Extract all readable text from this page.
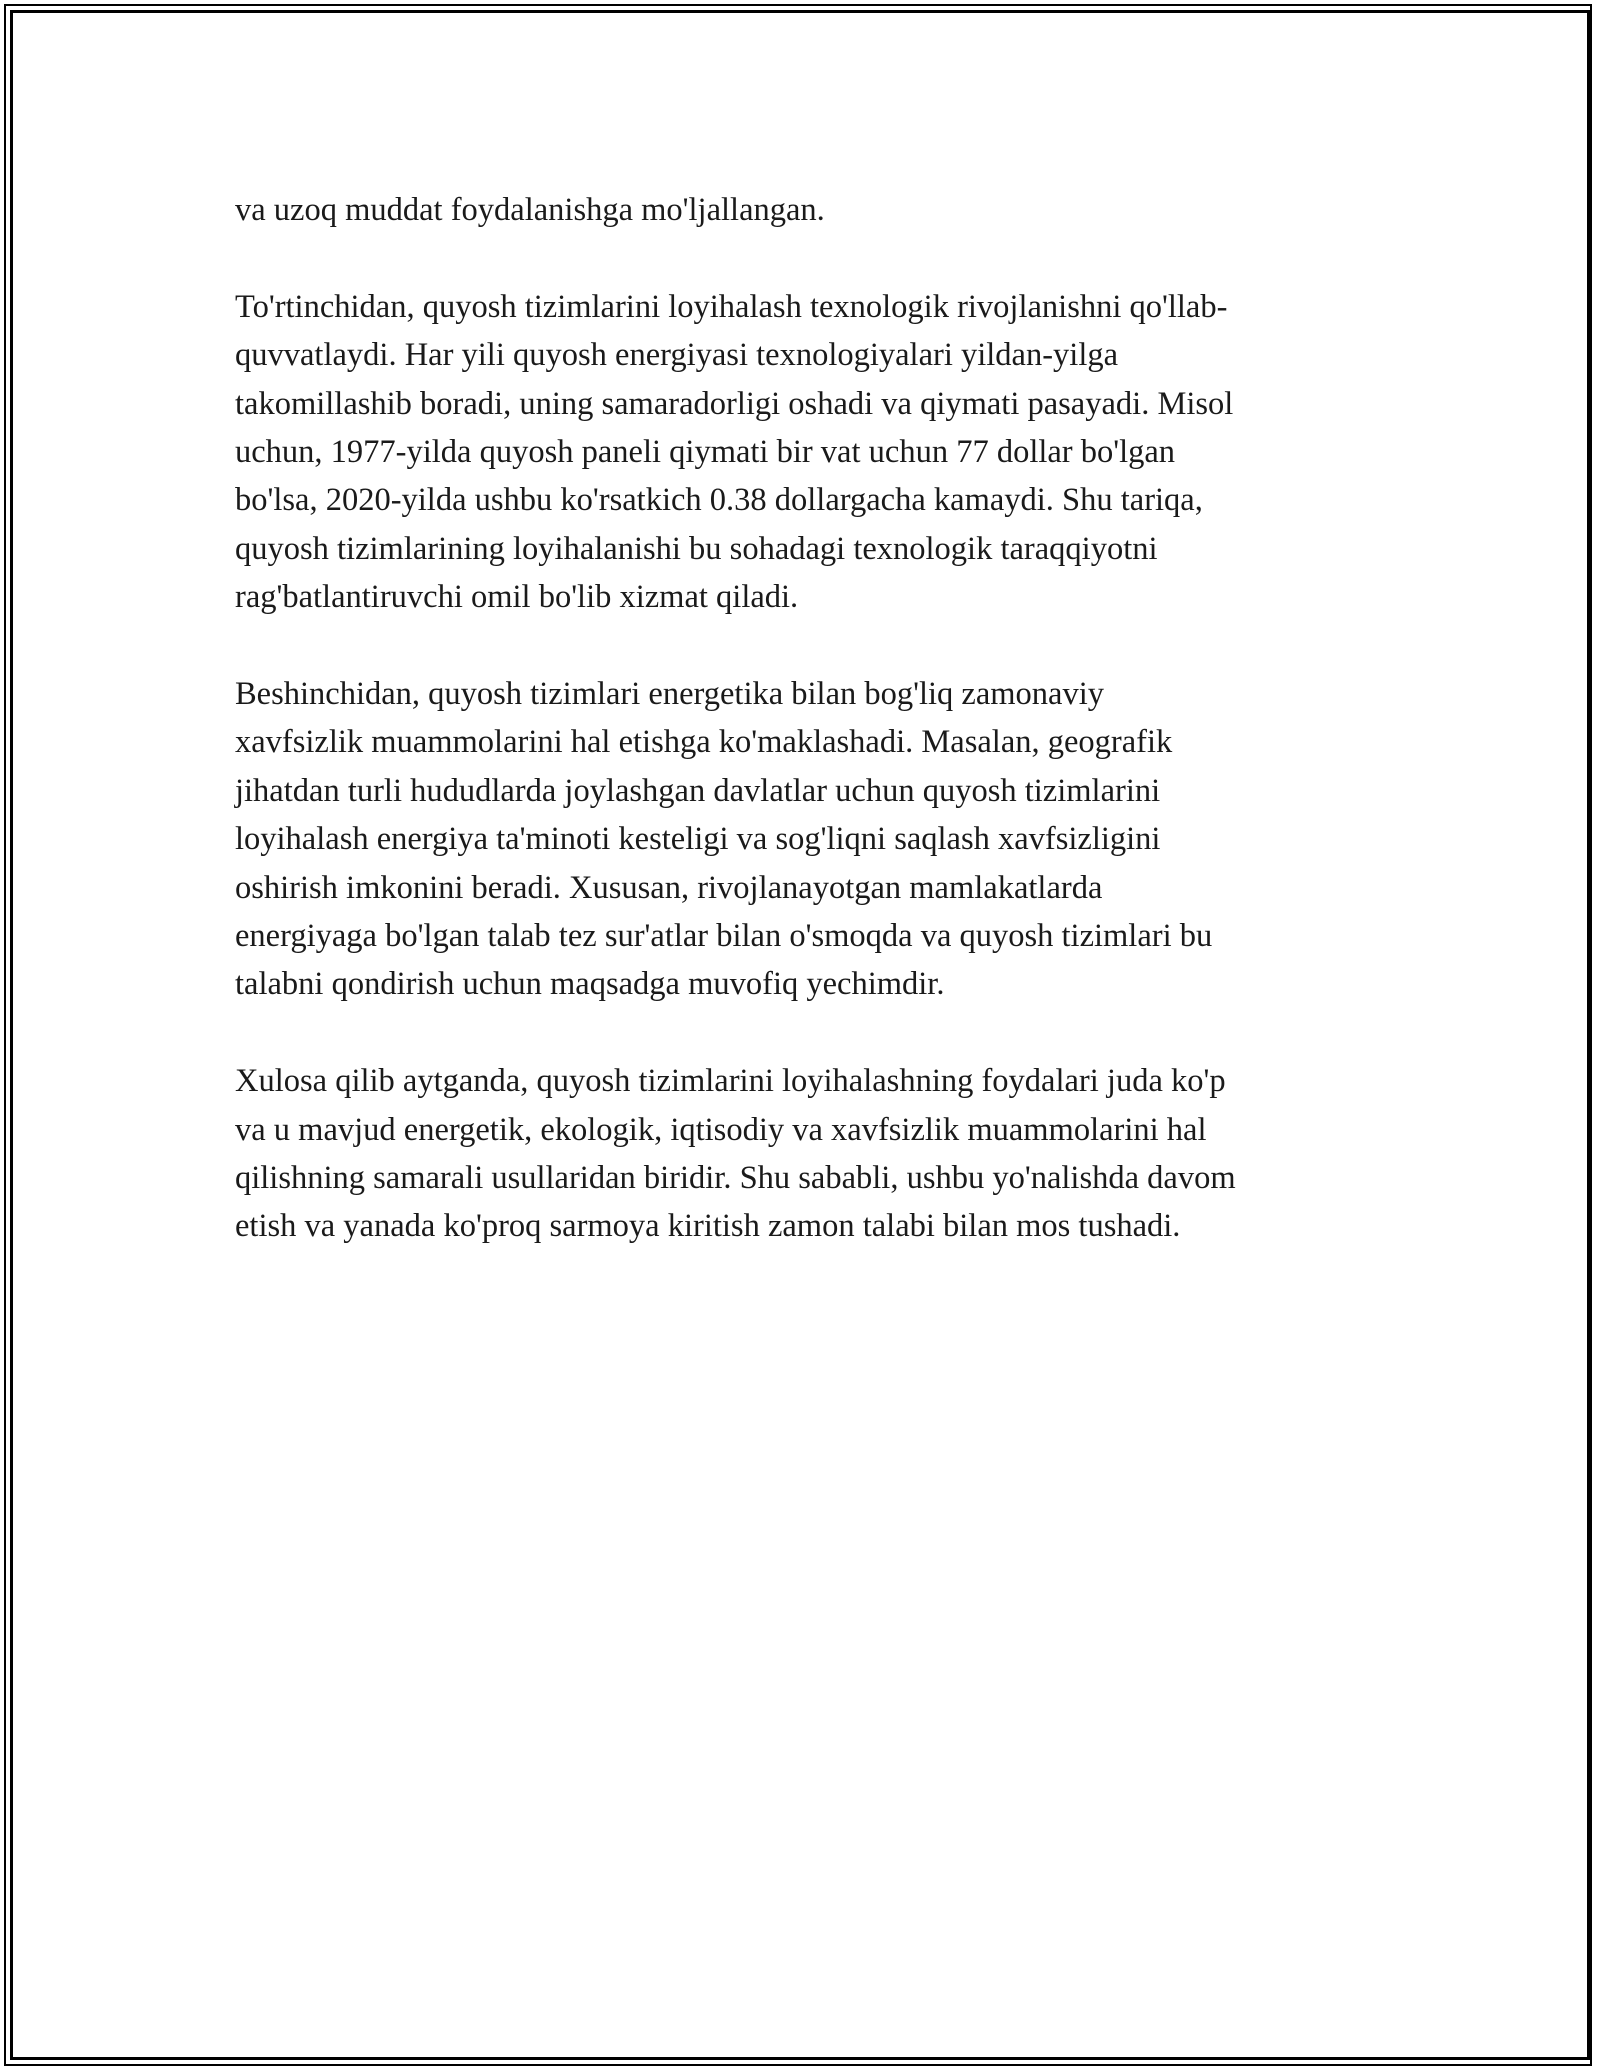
va uzoq muddat foydalanishga mo'ljallangan.

To'rtinchidan, quyosh tizimlarini loyihalash texnologik rivojlanishni qo'llab-
quvvatlaydi. Har yili quyosh energiyasi texnologiyalari yildan-yilga
takomillashib boradi, uning samaradorligi oshadi va qiymati pasayadi. Misol
uchun, 1977-yilda quyosh paneli qiymati bir vat uchun 77 dollar bo'lgan
bo'lsa, 2020-yilda ushbu ko'rsatkich 0.38 dollargacha kamaydi. Shu tariqa,
quyosh tizimlarining loyihalanishi bu sohadagi texnologik taraqqiyotni
rag'batlantiruvchi omil bo'lib xizmat qiladi.

Beshinchidan, quyosh tizimlari energetika bilan bog'liq zamonaviy
xavfsizlik muammolarini hal etishga ko'maklashadi. Masalan, geografik
jihatdan turli hududlarda joylashgan davlatlar uchun quyosh tizimlarini
loyihalash energiya ta'minoti kesteligi va sog'liqni saqlash xavfsizligini
oshirish imkonini beradi. Xususan, rivojlanayotgan mamlakatlarda
energiyaga bo'lgan talab tez sur'atlar bilan o'smoqda va quyosh tizimlari bu
talabni qondirish uchun maqsadga muvofiq yechimdir.

Xulosa qilib aytganda, quyosh tizimlarini loyihalashning foydalari juda ko'p
va u mavjud energetik, ekologik, iqtisodiy va xavfsizlik muammolarini hal
qilishning samarali usullaridan biridir. Shu sababli, ushbu yo'nalishda davom
etish va yanada ko'proq sarmoya kiritish zamon talabi bilan mos tushadi.
